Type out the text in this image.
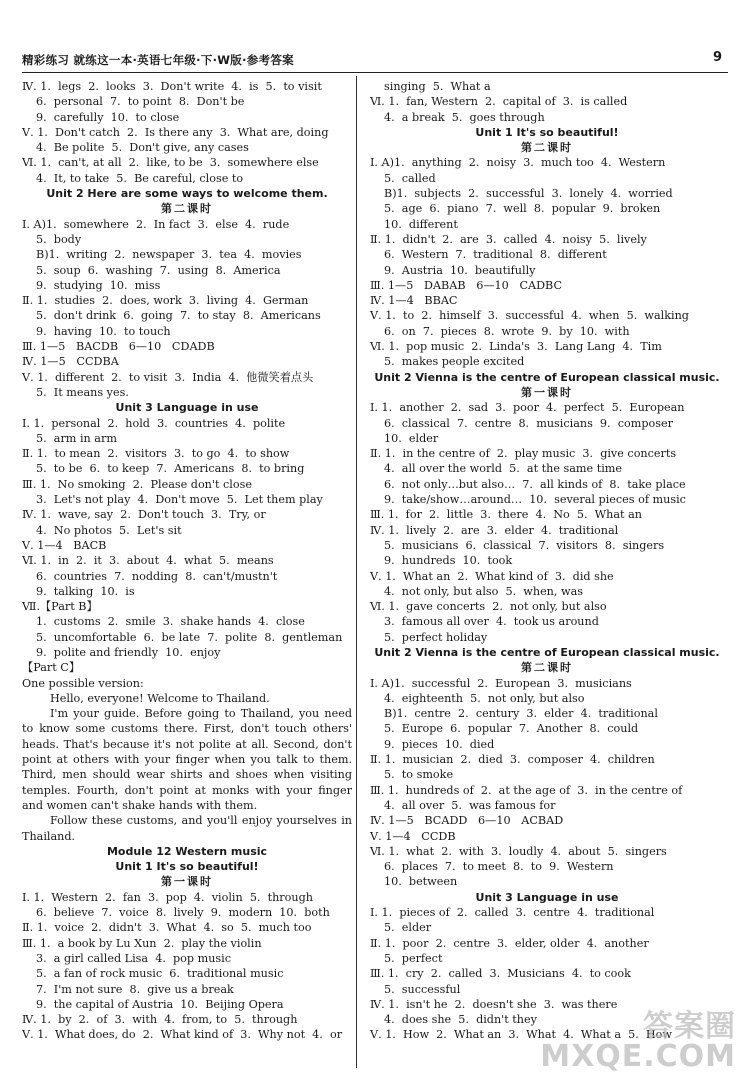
精彩练习 就练这一本·英语七年级·下·W版·参考答案	9
Ⅳ. 1.  legs  2.  looks  3.  Don't write  4.  is  5.  to visit
6.  personal  7.  to point  8.  Don't be
9.  carefully  10.  to close
Ⅴ. 1.  Don't catch  2.  Is there any  3.  What are, doing
4.  Be polite  5.  Don't give, any cases
Ⅵ. 1.  can't, at all  2.  like, to be  3.  somewhere else
4.  It, to take  5.  Be careful, close to
Unit 2 Here are some ways to welcome them.
第二课时
Ⅰ. A)1.  somewhere  2.  In fact  3.  else  4.  rude
5.  body
B)1.  writing  2.  newspaper  3.  tea  4.  movies
5.  soup  6.  washing  7.  using  8.  America
9.  studying  10.  miss
Ⅱ. 1.  studies  2.  does, work  3.  living  4.  German
5.  don't drink  6.  going  7.  to stay  8.  Americans
9.  having  10.  to touch
Ⅲ. 1—5   BACDB   6—10   CDADB
Ⅳ. 1—5   CCDBA
Ⅴ. 1.  different  2.  to visit  3.  India  4.  他微笑着点头
5.  It means yes.
Unit 3 Language in use
Ⅰ. 1.  personal  2.  hold  3.  countries  4.  polite
5.  arm in arm
Ⅱ. 1.  to mean  2.  visitors  3.  to go  4.  to show
5.  to be  6.  to keep  7.  Americans  8.  to bring
Ⅲ. 1.  No smoking  2.  Please don't close
3.  Let's not play  4.  Don't move  5.  Let them play
Ⅳ. 1.  wave, say  2.  Don't touch  3.  Try, or
4.  No photos  5.  Let's sit
Ⅴ. 1—4   BACB
Ⅵ. 1.  in  2.  it  3.  about  4.  what  5.  means
6.  countries  7.  nodding  8.  can't/mustn't
9.  talking  10.  is
Ⅶ.【Part B】
1.  customs  2.  smile  3.  shake hands  4.  close
5.  uncomfortable  6.  be late  7.  polite  8.  gentleman
9.  polite and friendly  10.  enjoy
【Part C】
One possible version:
Hello, everyone! Welcome to Thailand.
I'm your guide. Before going to Thailand, you need to know some customs there. First, don't touch others' heads. That's because it's not polite at all. Second, don't point at others with your finger when you talk to them. Third, men should wear shirts and shoes when visiting temples. Fourth, don't point at monks with your finger and women can't shake hands with them.
Follow these customs, and you'll enjoy yourselves in Thailand.
Module 12 Western music
Unit 1 It's so beautiful!
第一课时
Ⅰ. 1.  Western  2.  fan  3.  pop  4.  violin  5.  through
6.  believe  7.  voice  8.  lively  9.  modern  10.  both
Ⅱ. 1.  voice  2.  didn't  3.  What  4.  so  5.  much too
Ⅲ. 1.  a book by Lu Xun  2.  play the violin
3.  a girl called Lisa  4.  pop music
5.  a fan of rock music  6.  traditional music
7.  I'm not sure  8.  give us a break
9.  the capital of Austria  10.  Beijing Opera
Ⅳ. 1.  by  2.  of  3.  with  4.  from, to  5.  through
Ⅴ. 1.  What does, do  2.  What kind of  3.  Why not  4.  or
singing  5.  What a
Ⅵ. 1.  fan, Western  2.  capital of  3.  is called
4.  a break  5.  goes through
Unit 1 It's so beautiful!
第二课时
Ⅰ. A)1.  anything  2.  noisy  3.  much too  4.  Western
5.  called
B)1.  subjects  2.  successful  3.  lonely  4.  worried
5.  age  6.  piano  7.  well  8.  popular  9.  broken
10.  different
Ⅱ. 1.  didn't  2.  are  3.  called  4.  noisy  5.  lively
6.  Western  7.  traditional  8.  different
9.  Austria  10.  beautifully
Ⅲ. 1—5   DABAB   6—10   CADBC
Ⅳ. 1—4   BBAC
Ⅴ. 1.  to  2.  himself  3.  successful  4.  when  5.  walking
6.  on  7.  pieces  8.  wrote  9.  by  10.  with
Ⅵ. 1.  pop music  2.  Linda's  3.  Lang Lang  4.  Tim
5.  makes people excited
Unit 2 Vienna is the centre of European classical music.
第一课时
Ⅰ. 1.  another  2.  sad  3.  poor  4.  perfect  5.  European
6.  classical  7.  centre  8.  musicians  9.  composer
10.  elder
Ⅱ. 1.  in the centre of  2.  play music  3.  give concerts
4.  all over the world  5.  at the same time
6.  not only…but also…  7.  all kinds of  8.  take place
9.  take/show…around…  10.  several pieces of music
Ⅲ. 1.  for  2.  little  3.  there  4.  No  5.  What an
Ⅳ. 1.  lively  2.  are  3.  elder  4.  traditional
5.  musicians  6.  classical  7.  visitors  8.  singers
9.  hundreds  10.  took
Ⅴ. 1.  What an  2.  What kind of  3.  did she
4.  not only, but also  5.  when, was
Ⅵ. 1.  gave concerts  2.  not only, but also
3.  famous all over  4.  took us around
5.  perfect holiday
Unit 2 Vienna is the centre of European classical music.
第二课时
Ⅰ. A)1.  successful  2.  European  3.  musicians
4.  eighteenth  5.  not only, but also
B)1.  centre  2.  century  3.  elder  4.  traditional
5.  Europe  6.  popular  7.  Another  8.  could
9.  pieces  10.  died
Ⅱ. 1.  musician  2.  died  3.  composer  4.  children
5.  to smoke
Ⅲ. 1.  hundreds of  2.  at the age of  3.  in the centre of
4.  all over  5.  was famous for
Ⅳ. 1—5   BCADD   6—10   ACBAD
Ⅴ. 1—4   CCDB
Ⅵ. 1.  what  2.  with  3.  loudly  4.  about  5.  singers
6.  places  7.  to meet  8.  to  9.  Western
10.  between
Unit 3 Language in use
Ⅰ. 1.  pieces of  2.  called  3.  centre  4.  traditional
5.  elder
Ⅱ. 1.  poor  2.  centre  3.  elder, older  4.  another
5.  perfect
Ⅲ. 1.  cry  2.  called  3.  Musicians  4.  to cook
5.  successful
Ⅳ. 1.  isn't he  2.  doesn't she  3.  was there
4.  does she  5.  didn't they
Ⅴ. 1.  How  2.  What an  3.  What  4.  What a  5.  How
答案圈
MXQE.COM
